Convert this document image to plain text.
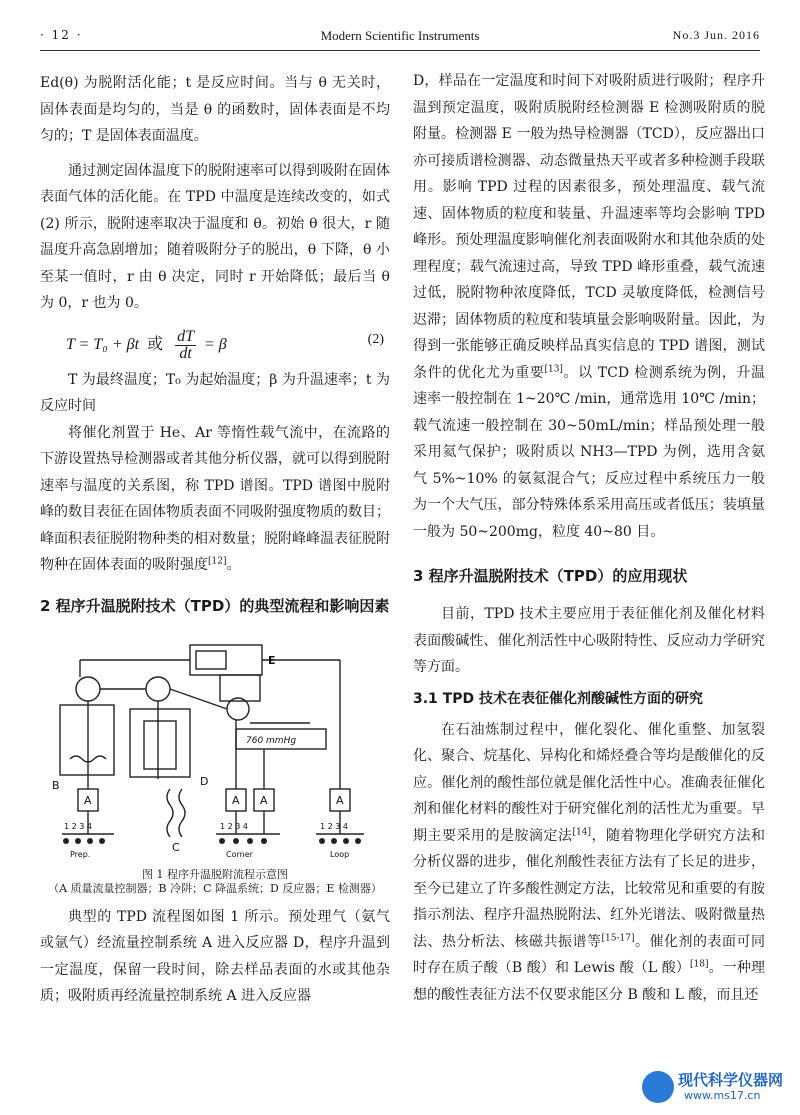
· 12 ·	Modern Scientific Instruments	No.3 Jun. 2016

Ed(θ) 为脱附活化能；t 是反应时间。当与 θ 无关时，固体表面是均匀的，当是 θ 的函数时，固体表面是不均匀的；T 是固体表面温度。

通过测定固体温度下的脱附速率可以得到吸附在固体表面气体的活化能。在 TPD 中温度是连续改变的，如式(2) 所示，脱附速率取决于温度和 θ。初始 θ 很大，r 随温度升高急剧增加；随着吸附分子的脱出，θ 下降，θ 小至某一值时，r 由 θ 决定，同时 r 开始降低；最后当 θ 为 0，r 也为 0。

T = T₀ + βt 或 $\frac{dT}{dt} = \beta$	(2)

T 为最终温度；T₀ 为起始温度；β 为升温速率；t 为反应时间

将催化剂置于 He、Ar 等惰性载气流中，在流路的下游设置热导检测器或者其他分析仪器，就可以得到脱附速率与温度的关系图，称 TPD 谱图。TPD 谱图中脱附峰的数目表征在固体物质表面不同吸附强度物质的数目；峰面积表征脱附物种类的相对数量；脱附峰峰温表征脱附物种在固体表面的吸附强度[12]。

2 程序升温脱附技术（TPD）的典型流程和影响因素
E
B
C
D
A	A A	A
760 mmHg
1 2 3 4	1 2 3 4	1 2 3 4
Prep.	Corner	Loop
图 1 程序升温脱附流程示意图
（A 质量流量控制器；B 冷阱；C 降温系统；D 反应器；E 检测器）

典型的 TPD 流程图如图 1 所示。预处理气（氨气或氩气）经流量控制系统 A 进入反应器 D，程序升温到一定温度，保留一段时间，除去样品表面的水或其他杂质；吸附质再经流量控制系统 A 进入反应器

D，样品在一定温度和时间下对吸附质进行吸附；程序升温到预定温度，吸附质脱附经检测器 E 检测吸附质的脱附量。检测器 E 一般为热导检测器（TCD），反应器出口亦可接质谱检测器、动态微量热天平或者多种检测手段联用。影响 TPD 过程的因素很多，预处理温度、载气流速、固体物质的粒度和装量、升温速率等均会影响 TPD 峰形。预处理温度影响催化剂表面吸附水和其他杂质的处理程度；载气流速过高，导致 TPD 峰形重叠，载气流速过低，脱附物种浓度降低，TCD 灵敏度降低，检测信号迟滞；固体物质的粒度和装填量会影响吸附量。因此，为得到一张能够正确反映样品真实信息的 TPD 谱图，测试条件的优化尤为重要[13]。以 TCD 检测系统为例，升温速率一般控制在 1~20℃ /min，通常选用 10℃ /min；载气流速一般控制在 30~50mL/min；样品预处理一般采用氦气保护；吸附质以 NH3—TPD 为例，选用含氨气 5%~10% 的氨氦混合气；反应过程中系统压力一般为一个大气压，部分特殊体系采用高压或者低压；装填量一般为 50~200mg，粒度 40~80 目。

3 程序升温脱附技术（TPD）的应用现状

目前，TPD 技术主要应用于表征催化剂及催化材料表面酸碱性、催化剂活性中心吸附特性、反应动力学研究等方面。

3.1 TPD 技术在表征催化剂酸碱性方面的研究

在石油炼制过程中，催化裂化、催化重整、加氢裂化、聚合、烷基化、异构化和烯烃叠合等均是酸催化的反应。催化剂的酸性部位就是催化活性中心。准确表征催化剂和催化材料的酸性对于研究催化剂的活性尤为重要。早期主要采用的是胺滴定法[14]，随着物理化学研究方法和分析仪器的进步，催化剂酸性表征方法有了长足的进步，至今已建立了许多酸性测定方法，比较常见和重要的有胺指示剂法、程序升温热脱附法、红外光谱法、吸附微量热法、热分析法、核磁共振谱等[15-17]。催化剂的表面可同时存在质子酸（B 酸）和 Lewis 酸（L 酸）[18]。一种理想的酸性表征方法不仅要求能区分 B 酸和 L 酸，而且还

现代科学仪器网
www.ms17.cn
